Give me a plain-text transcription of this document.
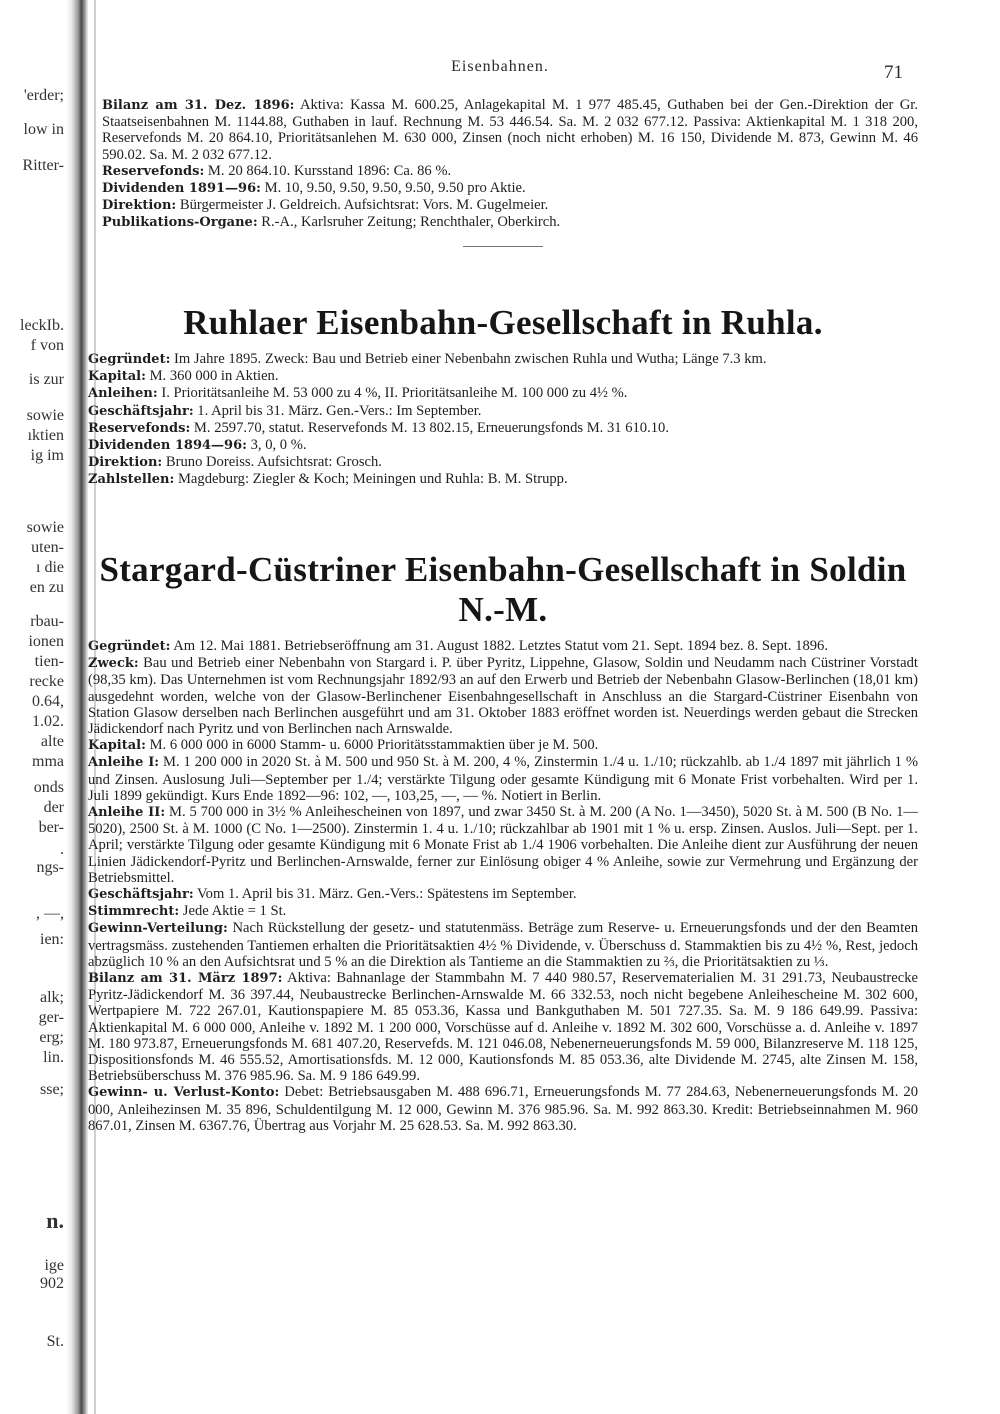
'erder;
low in
Ritter-
leckIb.
f von
is zur
sowie
ıktien
ig im
sowie
uten-
ı die
en zu
rbau-
ionen
tien-
recke
0.64,
1.02.
alte
mma
onds
der
ber-
.
ngs-
, —,
ien:
alk;
ger-
erg;
lin.
sse;
n.
ige
902
St.
Eisenbahnen.	71
Bilanz am 31. Dez. 1896: Aktiva: Kassa M. 600.25, Anlagekapital M. 1 977 485.45, Guthaben bei der Gen.-Direktion der Gr. Staatseisenbahnen M. 1144.88, Guthaben in lauf. Rechnung M. 53 446.54. Sa. M. 2 032 677.12. Passiva: Aktienkapital M. 1 318 200, Reservefonds M. 20 864.10, Prioritätsanlehen M. 630 000, Zinsen (noch nicht erhoben) M. 16 150, Dividende M. 873, Gewinn M. 46 590.02. Sa. M. 2 032 677.12.
Reservefonds: M. 20 864.10. Kursstand 1896: Ca. 86 %.
Dividenden 1891—96: M. 10, 9.50, 9.50, 9.50, 9.50, 9.50 pro Aktie.
Direktion: Bürgermeister J. Geldreich. Aufsichtsrat: Vors. M. Gugelmeier.
Publikations-Organe: R.-A., Karlsruher Zeitung; Renchthaler, Oberkirch.
Ruhlaer Eisenbahn-Gesellschaft in Ruhla.
Gegründet: Im Jahre 1895. Zweck: Bau und Betrieb einer Nebenbahn zwischen Ruhla und Wutha; Länge 7.3 km.
Kapital: M. 360 000 in Aktien.
Anleihen: I. Prioritätsanleihe M. 53 000 zu 4 %, II. Prioritätsanleihe M. 100 000 zu 4½ %.
Geschäftsjahr: 1. April bis 31. März. Gen.-Vers.: Im September.
Reservefonds: M. 2597.70, statut. Reservefonds M. 13 802.15, Erneuerungsfonds M. 31 610.10.
Dividenden 1894—96: 3, 0, 0 %.
Direktion: Bruno Doreiss. Aufsichtsrat: Grosch.
Zahlstellen: Magdeburg: Ziegler & Koch; Meiningen und Ruhla: B. M. Strupp.
Stargard-Cüstriner Eisenbahn-Gesellschaft in Soldin N.-M.
Gegründet: Am 12. Mai 1881. Betriebseröffnung am 31. August 1882. Letztes Statut vom 21. Sept. 1894 bez. 8. Sept. 1896.
Zweck: Bau und Betrieb einer Nebenbahn von Stargard i. P. über Pyritz, Lippehne, Glasow, Soldin und Neudamm nach Cüstriner Vorstadt (98,35 km). Das Unternehmen ist vom Rechnungsjahr 1892/93 an auf den Erwerb und Betrieb der Nebenbahn Glasow-Berlinchen (18,01 km) ausgedehnt worden, welche von der Glasow-Berlinchener Eisenbahngesellschaft in Anschluss an die Stargard-Cüstriner Eisenbahn von Station Glasow derselben nach Berlinchen ausgeführt und am 31. Oktober 1883 eröffnet worden ist. Neuerdings werden gebaut die Strecken Jädickendorf nach Pyritz und von Berlinchen nach Arnswalde.
Kapital: M. 6 000 000 in 6000 Stamm- u. 6000 Prioritätsstammaktien über je M. 500.
Anleihe I: M. 1 200 000 in 2020 St. à M. 500 und 950 St. à M. 200, 4 %, Zinstermin 1./4 u. 1./10; rückzahlb. ab 1./4 1897 mit jährlich 1 % und Zinsen. Auslosung Juli—September per 1./4; verstärkte Tilgung oder gesamte Kündigung mit 6 Monate Frist vorbehalten. Wird per 1. Juli 1899 gekündigt. Kurs Ende 1892—96: 102, —, 103,25, —, — %. Notiert in Berlin.
Anleihe II: M. 5 700 000 in 3½ % Anleihescheinen von 1897, und zwar 3450 St. à M. 200 (A No. 1—3450), 5020 St. à M. 500 (B No. 1—5020), 2500 St. à M. 1000 (C No. 1—2500). Zinstermin 1. 4 u. 1./10; rückzahlbar ab 1901 mit 1 % u. ersp. Zinsen. Auslos. Juli—Sept. per 1. April; verstärkte Tilgung oder gesamte Kündigung mit 6 Monate Frist ab 1./4 1906 vorbehalten. Die Anleihe dient zur Ausführung der neuen Linien Jädickendorf-Pyritz und Berlinchen-Arnswalde, ferner zur Einlösung obiger 4 % Anleihe, sowie zur Vermehrung und Ergänzung der Betriebsmittel.
Geschäftsjahr: Vom 1. April bis 31. März. Gen.-Vers.: Spätestens im September.
Stimmrecht: Jede Aktie = 1 St.
Gewinn-Verteilung: Nach Rückstellung der gesetz- und statutenmäss. Beträge zum Reserve- u. Erneuerungsfonds und der den Beamten vertragsmäss. zustehenden Tantiemen erhalten die Prioritätsaktien 4½ % Dividende, v. Überschuss d. Stammaktien bis zu 4½ %, Rest, jedoch abzüglich 10 % an den Aufsichtsrat und 5 % an die Direktion als Tantieme an die Stammaktien zu ⅔, die Prioritätsaktien zu ⅓.
Bilanz am 31. März 1897: Aktiva: Bahnanlage der Stammbahn M. 7 440 980.57, Reservematerialien M. 31 291.73, Neubaustrecke Pyritz-Jädickendorf M. 36 397.44, Neubaustrecke Berlinchen-Arnswalde M. 66 332.53, noch nicht begebene Anleihescheine M. 302 600, Wertpapiere M. 722 267.01, Kautionspapiere M. 85 053.36, Kassa und Bankguthaben M. 501 727.35. Sa. M. 9 186 649.99. Passiva: Aktienkapital M. 6 000 000, Anleihe v. 1892 M. 1 200 000, Vorschüsse auf d. Anleihe v. 1892 M. 302 600, Vorschüsse a. d. Anleihe v. 1897 M. 180 973.87, Erneuerungsfonds M. 681 407.20, Reservefds. M. 121 046.08, Nebenerneuerungsfonds M. 59 000, Bilanzreserve M. 118 125, Dispositionsfonds M. 46 555.52, Amortisationsfds. M. 12 000, Kautionsfonds M. 85 053.36, alte Dividende M. 2745, alte Zinsen M. 158, Betriebsüberschuss M. 376 985.96. Sa. M. 9 186 649.99.
Gewinn- u. Verlust-Konto: Debet: Betriebsausgaben M. 488 696.71, Erneuerungsfonds M. 77 284.63, Nebenerneuerungsfonds M. 20 000, Anleihezinsen M. 35 896, Schuldentilgung M. 12 000, Gewinn M. 376 985.96. Sa. M. 992 863.30. Kredit: Betriebseinnahmen M. 960 867.01, Zinsen M. 6367.76, Übertrag aus Vorjahr M. 25 628.53. Sa. M. 992 863.30.
